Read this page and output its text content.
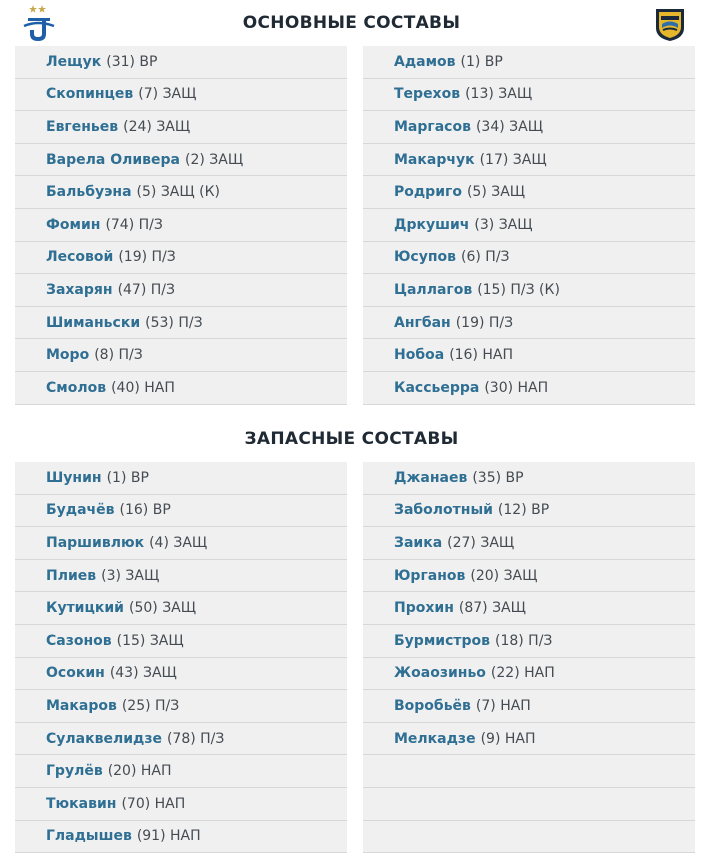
ОСНОВНЫЕ СОСТАВЫ
Лещук (31) ВР
Скопинцев (7) ЗАЩ
Евгеньев (24) ЗАЩ
Варела Оливера (2) ЗАЩ
Бальбуэна (5) ЗАЩ (К)
Фомин (74) П/З
Лесовой (19) П/З
Захарян (47) П/З
Шиманьски (53) П/З
Моро (8) П/З
Смолов (40) НАП
Адамов (1) ВР
Терехов (13) ЗАЩ
Маргасов (34) ЗАЩ
Макарчук (17) ЗАЩ
Родриго (5) ЗАЩ
Дркушич (3) ЗАЩ
Юсупов (6) П/З
Цаллагов (15) П/З (К)
Ангбан (19) П/З
Нобоа (16) НАП
Кассьерра (30) НАП
ЗАПАСНЫЕ СОСТАВЫ
Шунин (1) ВР
Будачёв (16) ВР
Паршивлюк (4) ЗАЩ
Плиев (3) ЗАЩ
Кутицкий (50) ЗАЩ
Сазонов (15) ЗАЩ
Осокин (43) ЗАЩ
Макаров (25) П/З
Сулаквелидзе (78) П/З
Грулёв (20) НАП
Тюкавин (70) НАП
Гладышев (91) НАП
Джанаев (35) ВР
Заболотный (12) ВР
Заика (27) ЗАЩ
Юрганов (20) ЗАЩ
Прохин (87) ЗАЩ
Бурмистров (18) П/З
Жоаозиньо (22) НАП
Воробьёв (7) НАП
Мелкадзе (9) НАП
